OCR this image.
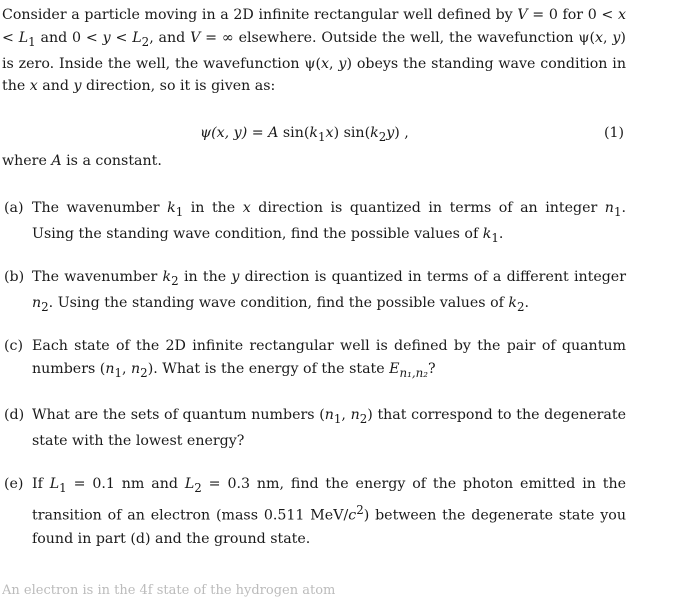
Consider a particle moving in a 2D infinite rectangular well defined by V = 0 for $0 < x < L_1$ and $0 < y < L_2$, and V = ∞ elsewhere. Outside the well, the wavefunction ψ(x, y) is zero. Inside the well, the wavefunction ψ(x, y) obeys the standing wave condition in the x and y direction, so it is given as:
ψ(x, y) = A $\sin(k_1x)$ $\sin(k_2y)$ ,	(1)
where A is a constant.
(a) The wavenumber $k_1$ in the x direction is quantized in terms of an integer $n_1$. Using the standing wave condition, find the possible values of $k_1$.
(b) The wavenumber $k_2$ in the y direction is quantized in terms of a different integer $n_2$. Using the standing wave condition, find the possible values of $k_2$.
(c) Each state of the 2D infinite rectangular well is defined by the pair of quantum numbers ($n_1$, $n_2$). What is the energy of the state $E_{n_1,n_2}$?
(d) What are the sets of quantum numbers ($n_1$, $n_2$) that correspond to the degenerate state with the lowest energy?
(e) If $L_1 = 0.1$ nm and $L_2 = 0.3$ nm, find the energy of the photon emitted in the transition of an electron (mass 0.511 MeV/$c^2$) between the degenerate state you found in part (d) and the ground state.
An electron is in the 4f state of the hydrogen atom
